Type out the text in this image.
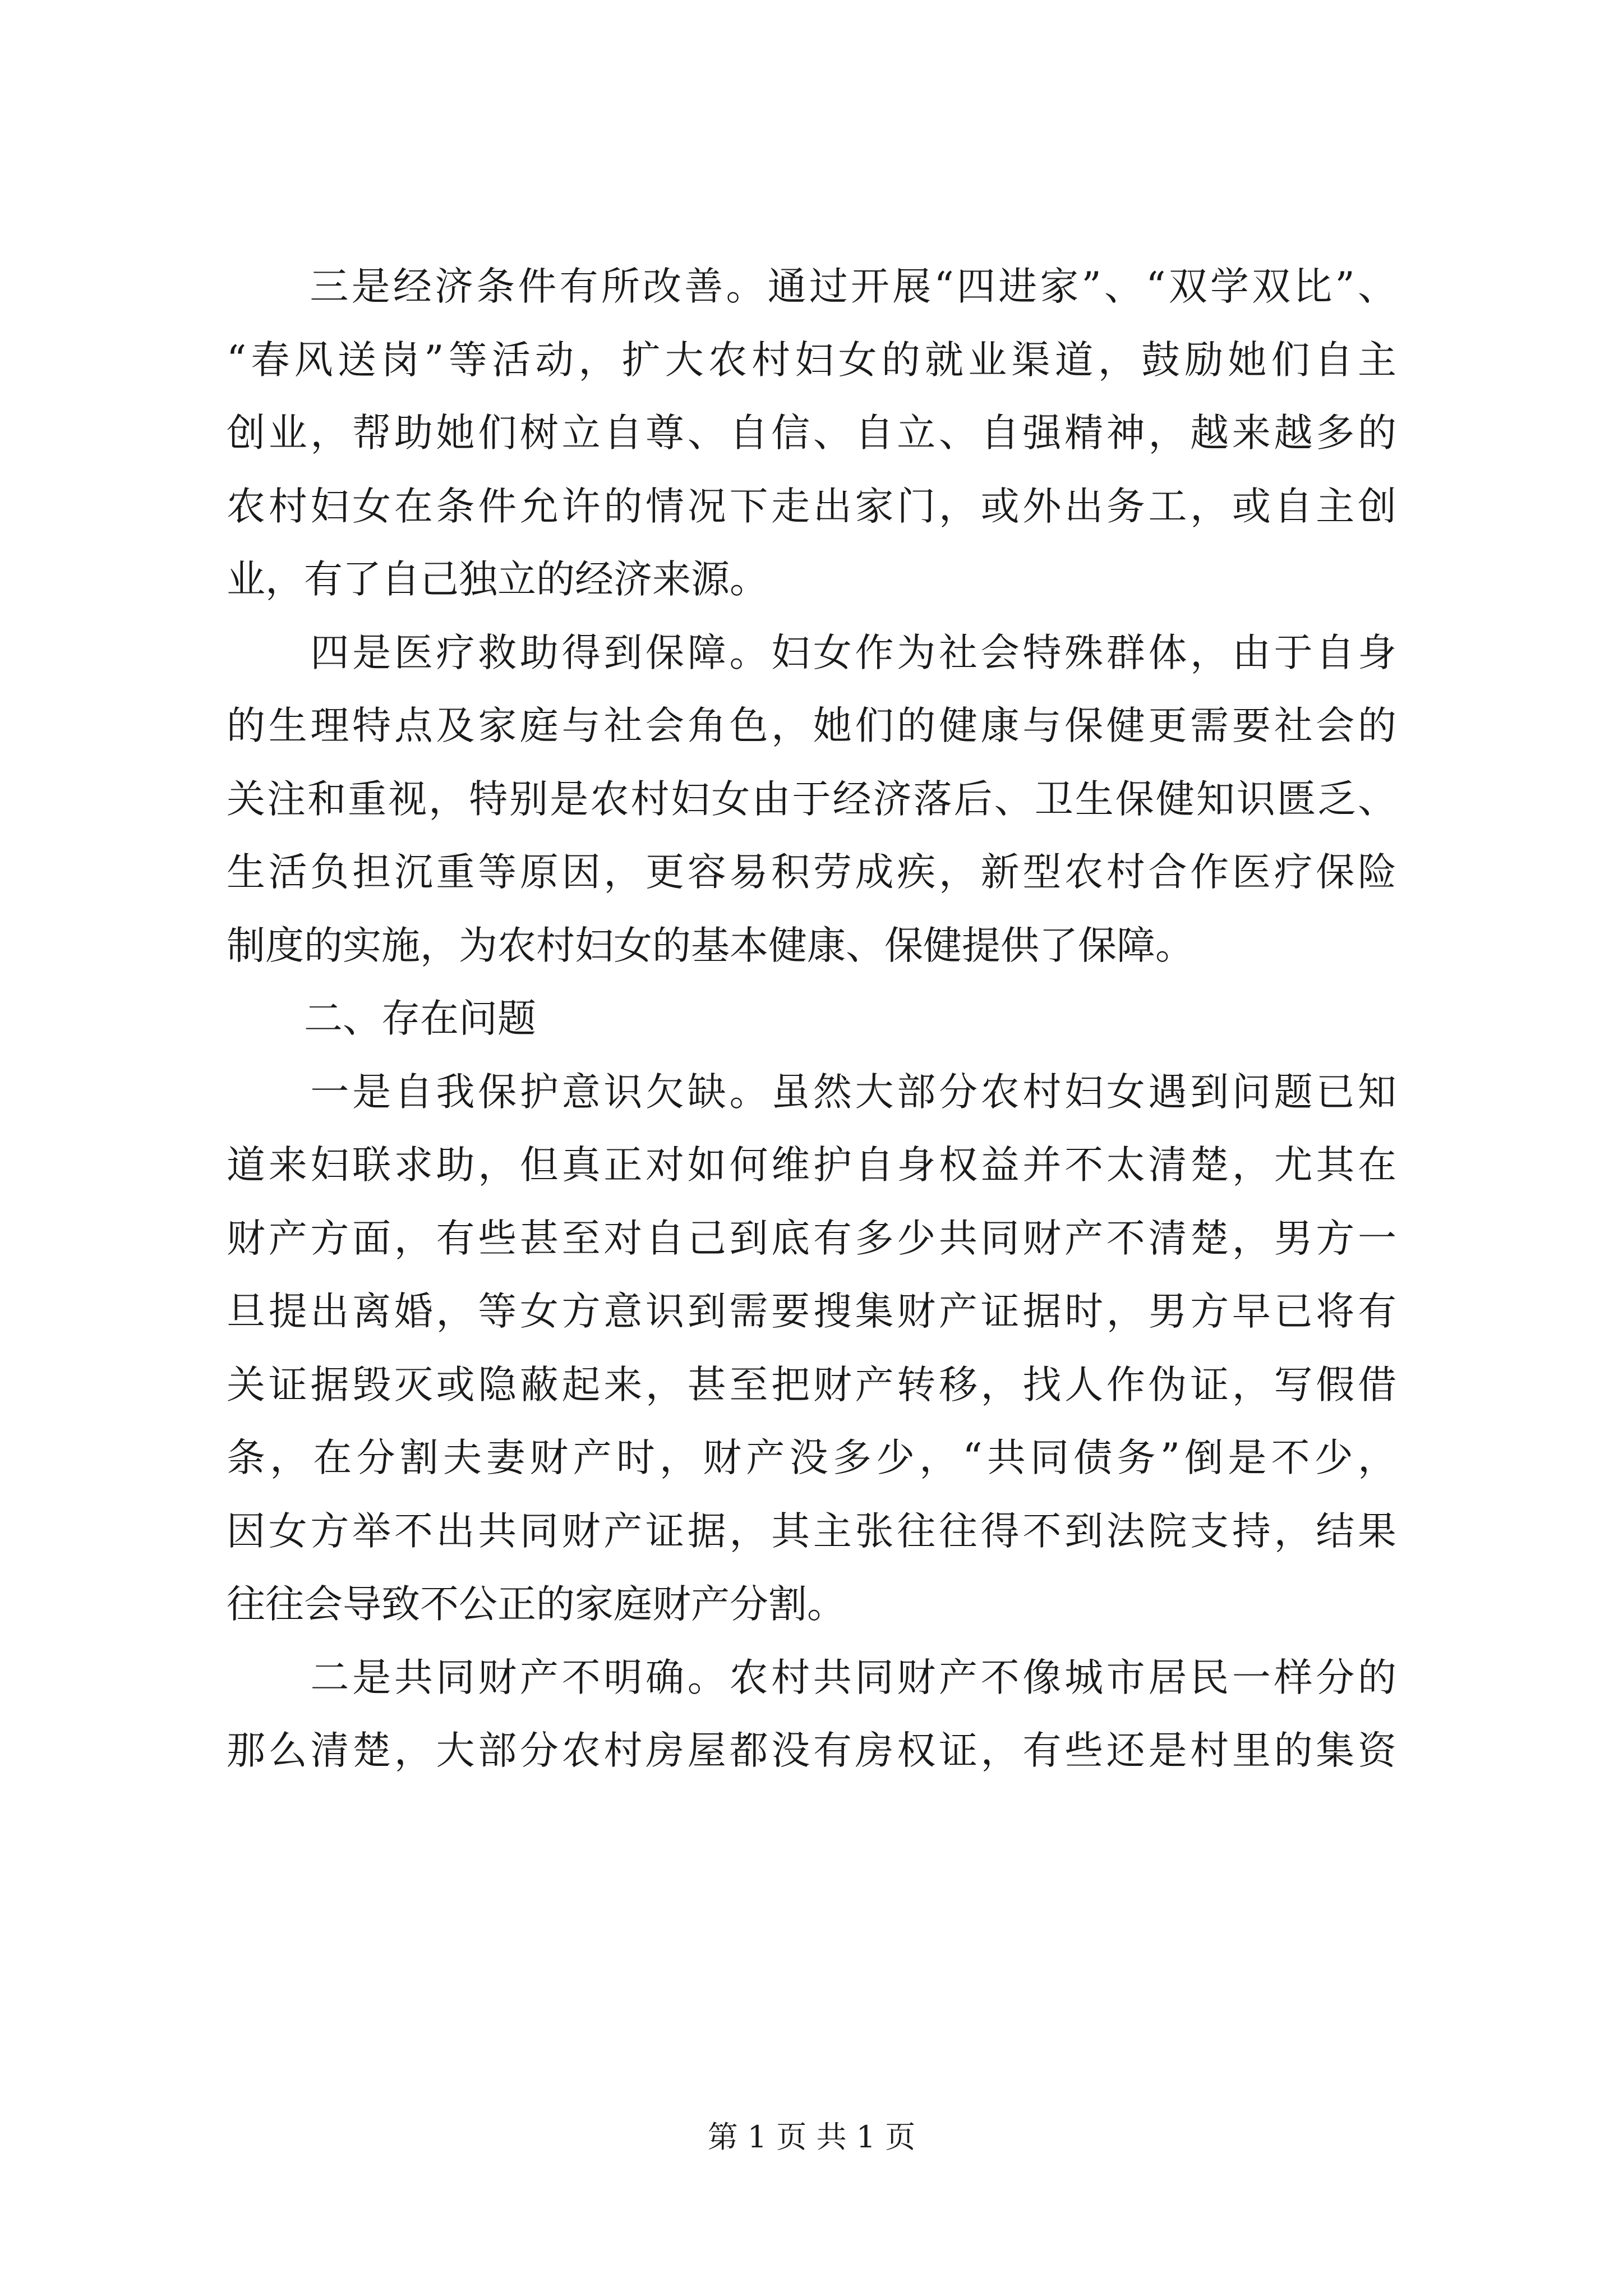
　　三是经济条件有所改善。通过开展“四进家”、“双学双比”、
“春风送岗”等活动，扩大农村妇女的就业渠道，鼓励她们自主
创业，帮助她们树立自尊、自信、自立、自强精神，越来越多的
农村妇女在条件允许的情况下走出家门，或外出务工，或自主创
业，有了自己独立的经济来源。

　　四是医疗救助得到保障。妇女作为社会特殊群体，由于自身
的生理特点及家庭与社会角色，她们的健康与保健更需要社会的
关注和重视，特别是农村妇女由于经济落后、卫生保健知识匮乏、
生活负担沉重等原因，更容易积劳成疾，新型农村合作医疗保险
制度的实施，为农村妇女的基本健康、保健提供了保障。

　　二、存在问题

　　一是自我保护意识欠缺。虽然大部分农村妇女遇到问题已知
道来妇联求助，但真正对如何维护自身权益并不太清楚，尤其在
财产方面，有些甚至对自己到底有多少共同财产不清楚，男方一
旦提出离婚，等女方意识到需要搜集财产证据时，男方早已将有
关证据毁灭或隐蔽起来，甚至把财产转移，找人作伪证，写假借
条，在分割夫妻财产时，财产没多少，“共同债务”倒是不少，
因女方举不出共同财产证据，其主张往往得不到法院支持，结果
往往会导致不公正的家庭财产分割。

　　二是共同财产不明确。农村共同财产不像城市居民一样分的
那么清楚，大部分农村房屋都没有房权证，有些还是村里的集资

第 1 页 共 1 页
